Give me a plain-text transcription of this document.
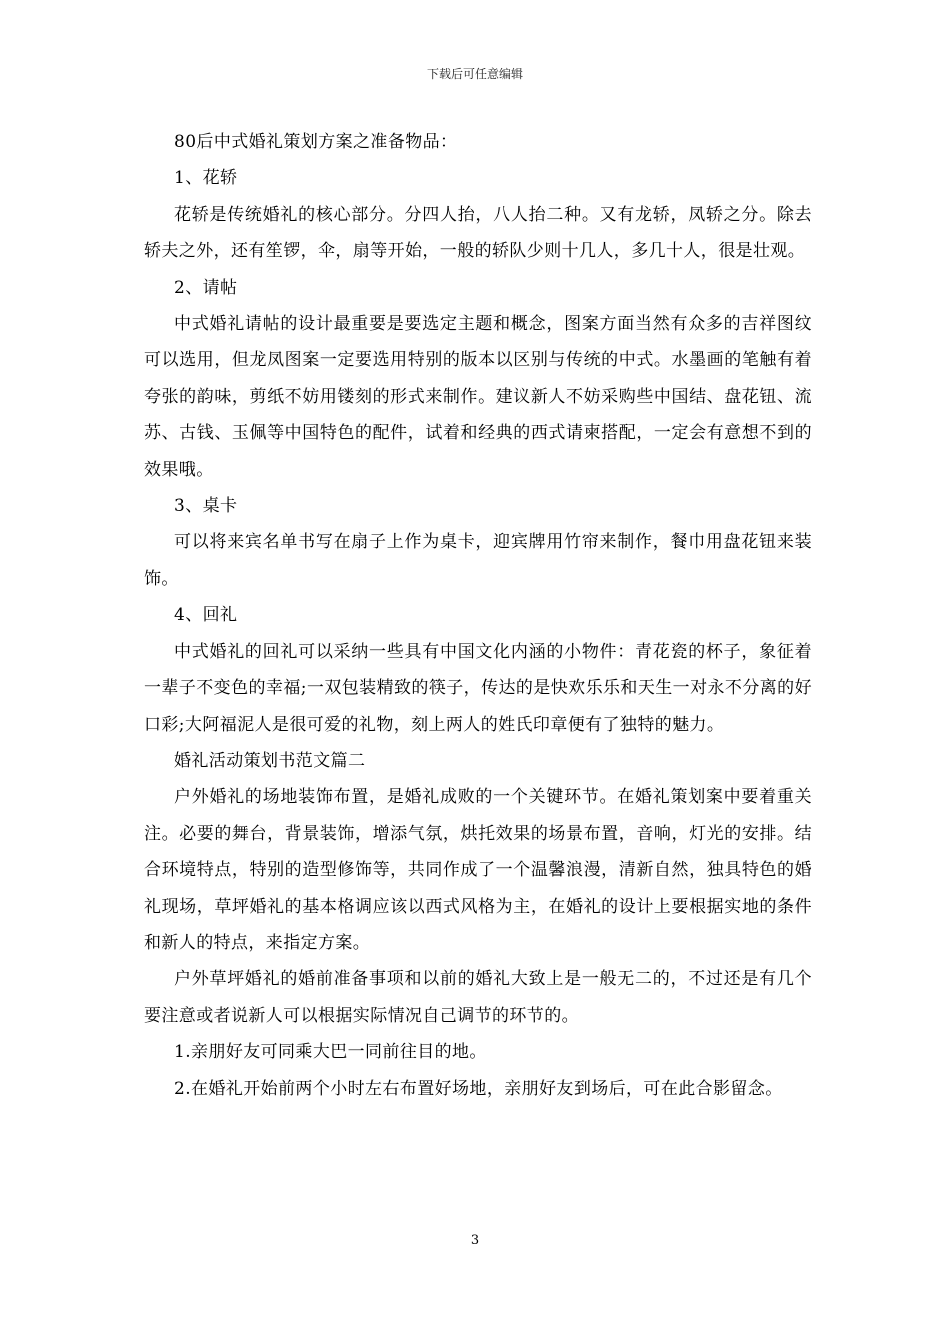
下载后可任意编辑

80后中式婚礼策划方案之准备物品：

1、花轿

花轿是传统婚礼的核心部分。分四人抬，八人抬二种。又有龙轿，凤轿之分。除去轿夫之外，还有笙锣，伞，扇等开始，一般的轿队少则十几人，多几十人，很是壮观。

2、请帖

中式婚礼请帖的设计最重要是要选定主题和概念，图案方面当然有众多的吉祥图纹可以选用，但龙凤图案一定要选用特别的版本以区别与传统的中式。水墨画的笔触有着夸张的韵味，剪纸不妨用镂刻的形式来制作。建议新人不妨采购些中国结、盘花钮、流苏、古钱、玉佩等中国特色的配件，试着和经典的西式请柬搭配，一定会有意想不到的效果哦。

3、桌卡

可以将来宾名单书写在扇子上作为桌卡，迎宾牌用竹帘来制作，餐巾用盘花钮来装饰。

4、回礼

中式婚礼的回礼可以采纳一些具有中国文化内涵的小物件：青花瓷的杯子，象征着一辈子不变色的幸福;一双包装精致的筷子，传达的是快欢乐乐和天生一对永不分离的好口彩;大阿福泥人是很可爱的礼物，刻上两人的姓氏印章便有了独特的魅力。

婚礼活动策划书范文篇二

户外婚礼的场地装饰布置，是婚礼成败的一个关键环节。在婚礼策划案中要着重关注。必要的舞台，背景装饰，增添气氛，烘托效果的场景布置，音响，灯光的安排。结合环境特点，特别的造型修饰等，共同作成了一个温馨浪漫，清新自然，独具特色的婚礼现场，草坪婚礼的基本格调应该以西式风格为主，在婚礼的设计上要根据实地的条件和新人的特点，来指定方案。

户外草坪婚礼的婚前准备事项和以前的婚礼大致上是一般无二的，不过还是有几个要注意或者说新人可以根据实际情况自己调节的环节的。

1.亲朋好友可同乘大巴一同前往目的地。

2.在婚礼开始前两个小时左右布置好场地，亲朋好友到场后，可在此合影留念。

3
